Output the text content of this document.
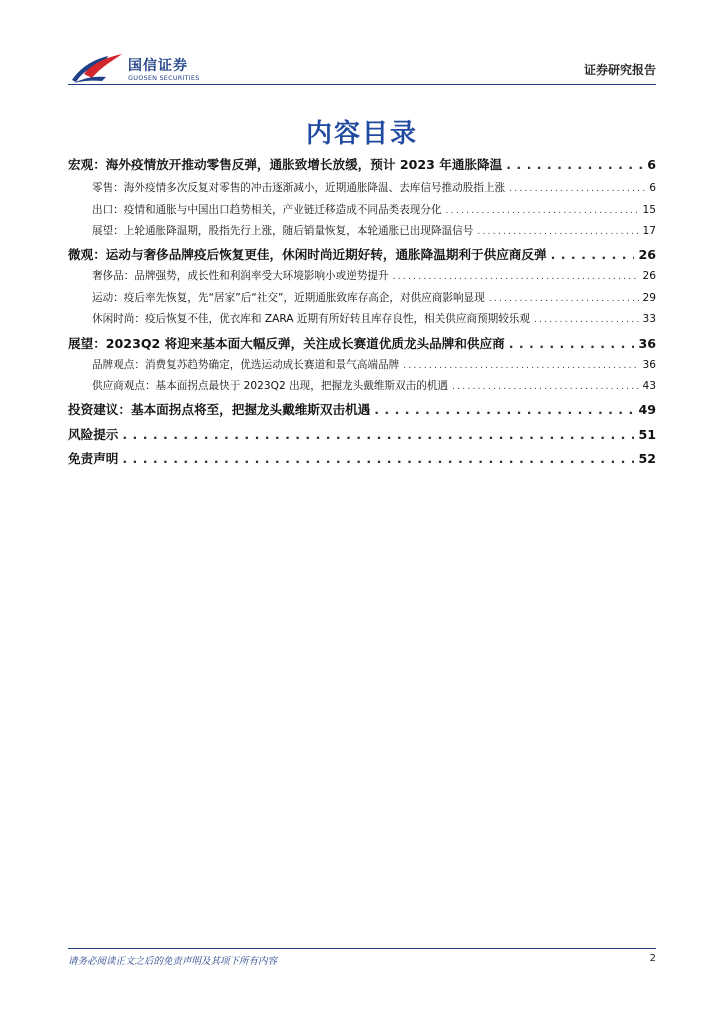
国信证券
GUOSEN SECURITIES
证券研究报告
内容目录
宏观：海外疫情放开推动零售反弹，通胀致增长放缓，预计 2023 年通胀降温 . . .	6
零售：海外疫情多次反复对零售的冲击逐渐减小，近期通胀降温、去库信号推动股指上涨 . . .	6
出口：疫情和通胀与中国出口趋势相关，产业链迁移造成不同品类表现分化 . . .	15
展望：上轮通胀降温期，股指先行上涨，随后销量恢复，本轮通胀已出现降温信号 . . .	17
微观：运动与奢侈品牌疫后恢复更佳，休闲时尚近期好转，通胀降温期利于供应商反弹 . . .	26
奢侈品：品牌强势，成长性和利润率受大环境影响小或逆势提升 . . .	26
运动：疫后率先恢复，先“居家”后“社交”，近期通胀致库存高企，对供应商影响显现 . . .	29
休闲时尚：疫后恢复不佳，优衣库和 ZARA 近期有所好转且库存良性，相关供应商预期较乐观 . . .	33
展望：2023Q2 将迎来基本面大幅反弹，关注成长赛道优质龙头品牌和供应商 . . .	36
品牌观点：消费复苏趋势确定，优选运动成长赛道和景气高端品牌 . . .	36
供应商观点：基本面拐点最快于 2023Q2 出现，把握龙头戴维斯双击的机遇 . . .	43
投资建议：基本面拐点将至，把握龙头戴维斯双击机遇 . . .	49
风险提示 . . .	51
免责声明 . . .	52
请务必阅读正文之后的免责声明及其项下所有内容	2
